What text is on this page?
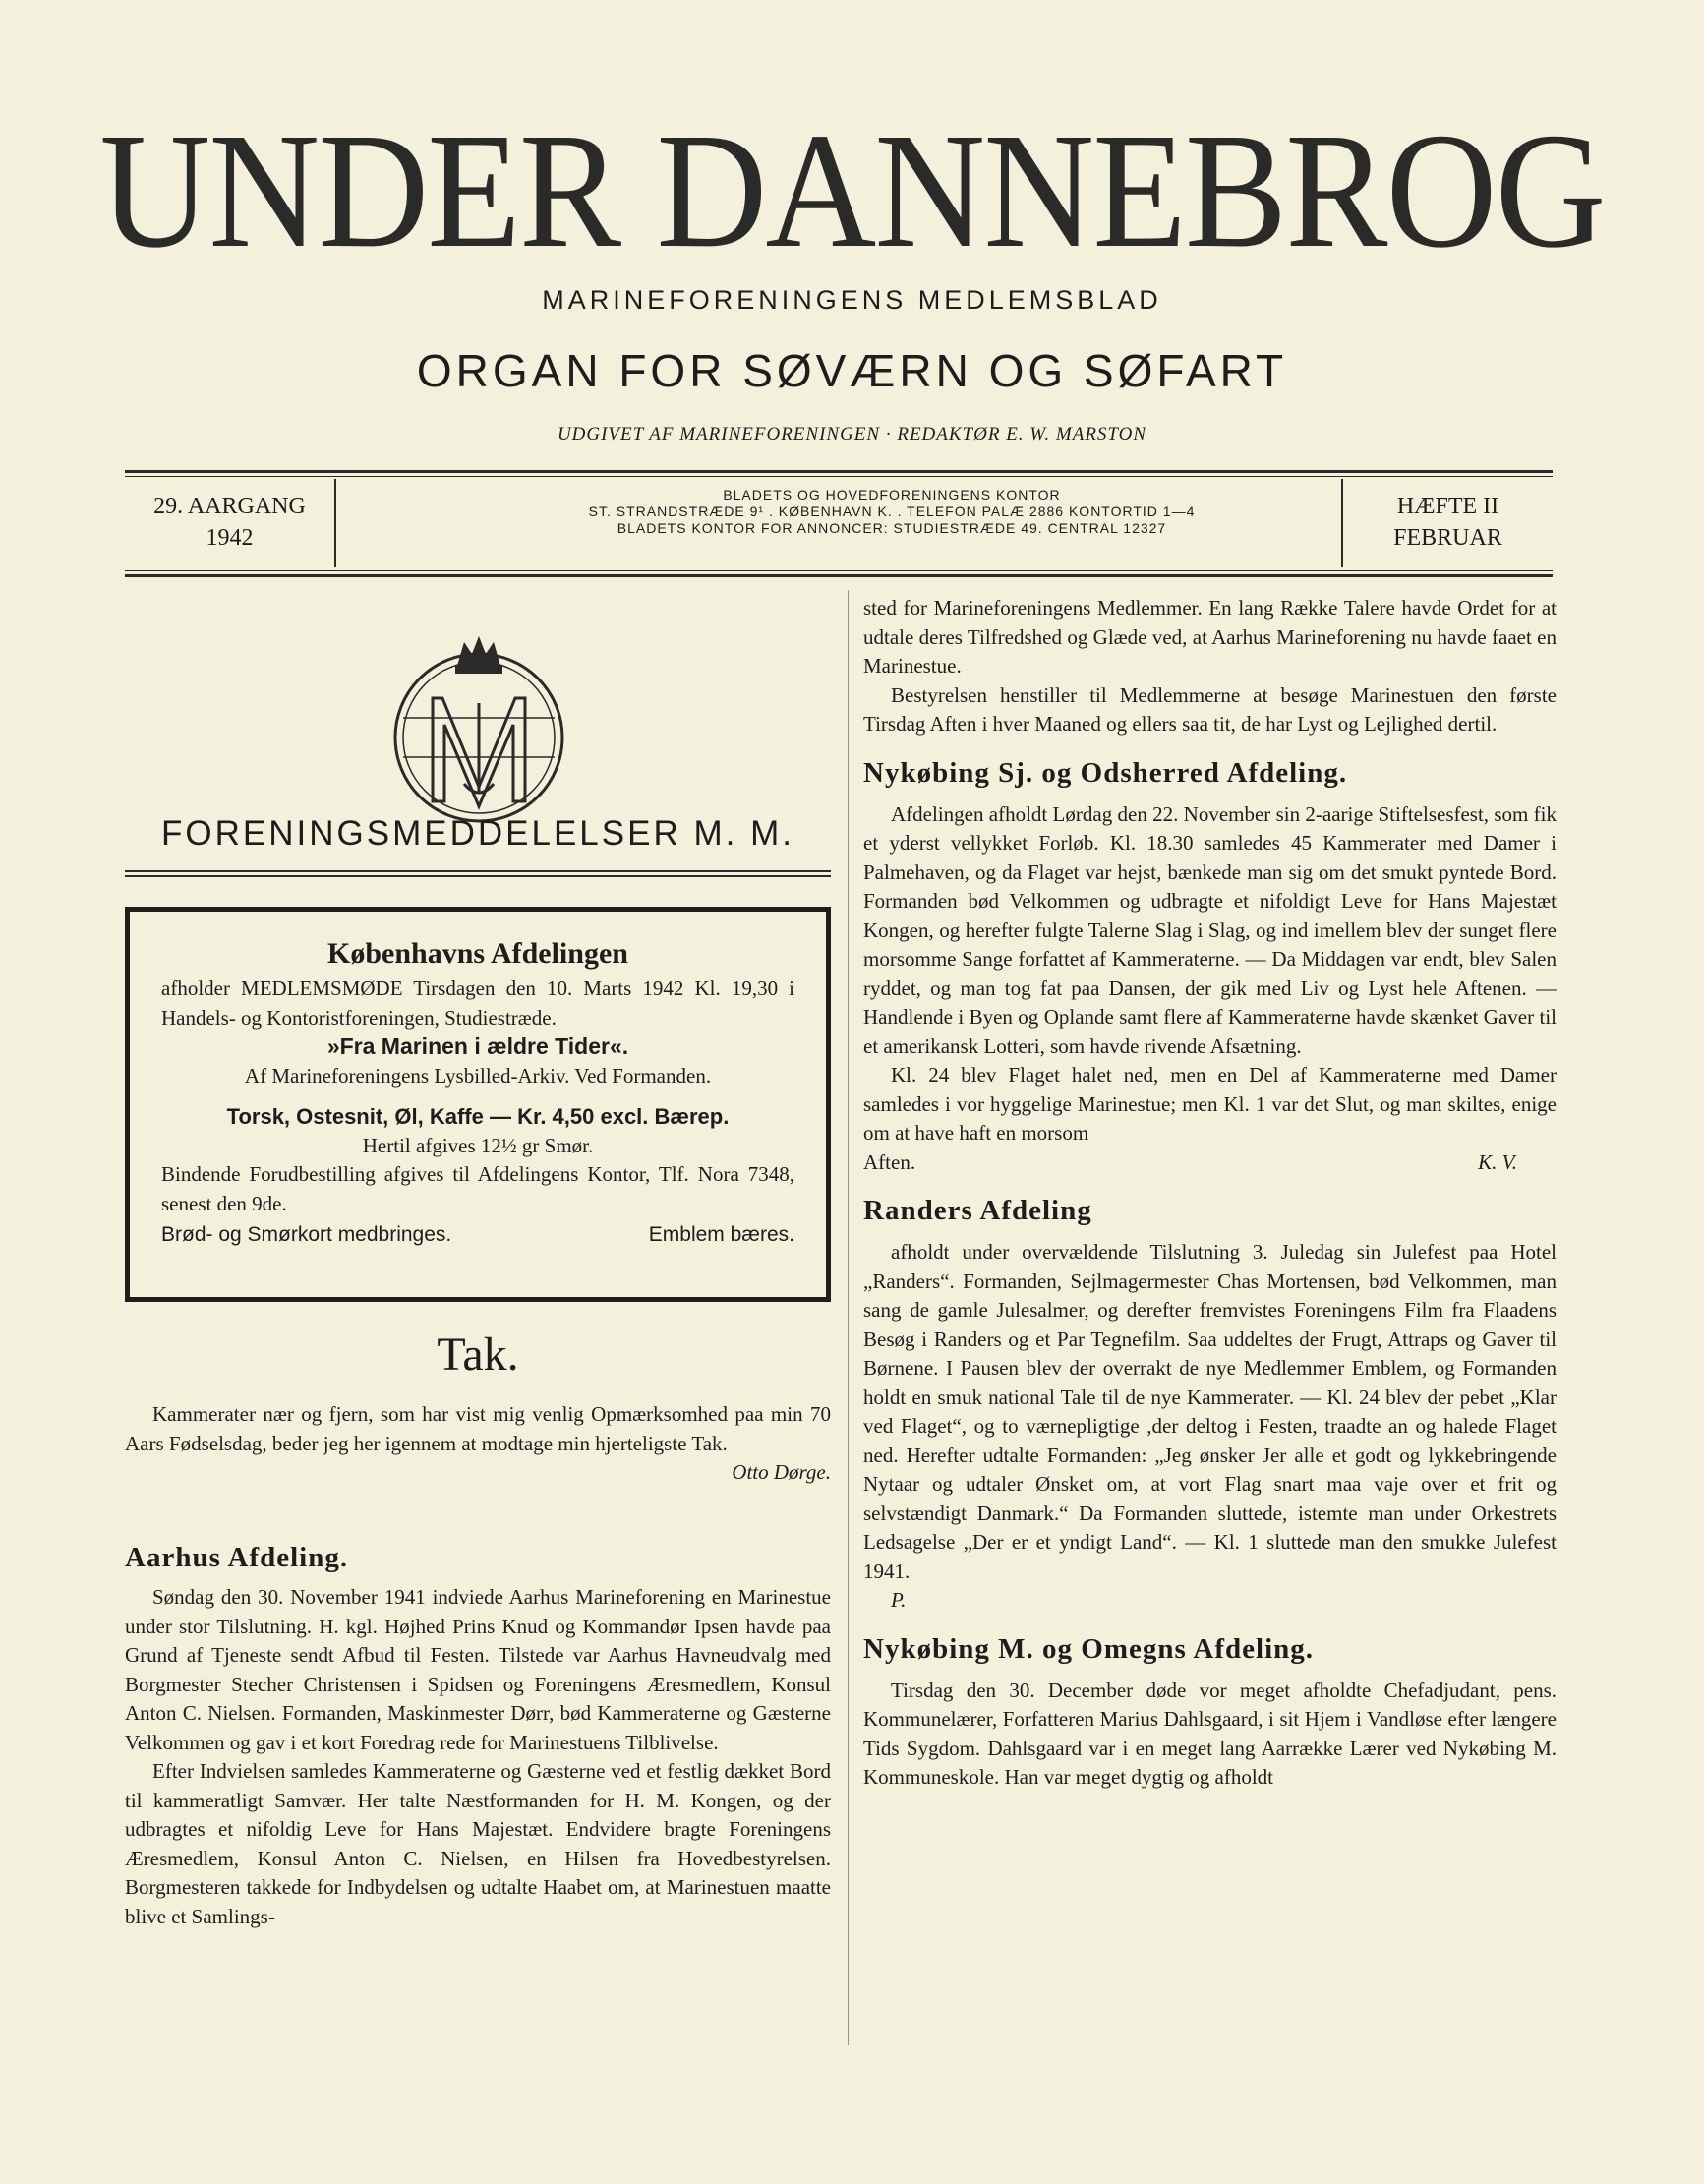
UNDER DANNEBROG
MARINEFORENINGENS MEDLEMSBLAD
ORGAN FOR SØVÆRN OG SØFART
UDGIVET AF MARINEFORENINGEN · REDAKTØR E. W. MARSTON
29. AARGANG
1942
BLADETS OG HOVEDFORENINGENS KONTOR
ST. STRANDSTRÆDE 9¹ . KØBENHAVN K. . TELEFON PALÆ 2886 KONTORTID 1—4
BLADETS KONTOR FOR ANNONCER: STUDIESTRÆDE 49. CENTRAL 12327
HÆFTE II
FEBRUAR
FORENINGSMEDDELELSER M. M.
Københavns Afdelingen

afholder MEDLEMSMØDE Tirsdagen den 10. Marts 1942 Kl. 19,30 i Handels- og Kontoristforeningen, Studiestræde.

»Fra Marinen i ældre Tider«.

Af Marineforeningens Lysbilled-Arkiv. Ved Formanden.

Torsk, Ostesnit, Øl, Kaffe — Kr. 4,50 excl. Bærep.

Hertil afgives 12½ gr Smør.

Bindende Forudbestilling afgives til Afdelingens Kontor, Tlf. Nora 7348, senest den 9de.

Brød- og Smørkort medbringes.	Emblem bæres.

Tak.

Kammerater nær og fjern, som har vist mig venlig Opmærksomhed paa min 70 Aars Fødselsdag, beder jeg her igennem at modtage min hjerteligste Tak.

Otto Dørge.

Aarhus Afdeling.

Søndag den 30. November 1941 indviede Aarhus Marineforening en Marinestue under stor Tilslutning. H. kgl. Højhed Prins Knud og Kommandør Ipsen havde paa Grund af Tjeneste sendt Afbud til Festen. Tilstede var Aarhus Havneudvalg med Borgmester Stecher Christensen i Spidsen og Foreningens Æresmedlem, Konsul Anton C. Nielsen. Formanden, Maskinmester Dørr, bød Kammeraterne og Gæsterne Velkommen og gav i et kort Foredrag rede for Marinestuens Tilblivelse.

Efter Indvielsen samledes Kammeraterne og Gæsterne ved et festlig dækket Bord til kammeratligt Samvær. Her talte Næstformanden for H. M. Kongen, og der udbragtes et nifoldig Leve for Hans Majestæt. Endvidere bragte Foreningens Æresmedlem, Konsul Anton C. Nielsen, en Hilsen fra Hovedbestyrelsen. Borgmesteren takkede for Indbydelsen og udtalte Haabet om, at Marinestuen maatte blive et Samlings-

sted for Marineforeningens Medlemmer. En lang Række Talere havde Ordet for at udtale deres Tilfredshed og Glæde ved, at Aarhus Marineforening nu havde faaet en Marinestue.

Bestyrelsen henstiller til Medlemmerne at besøge Marinestuen den første Tirsdag Aften i hver Maaned og ellers saa tit, de har Lyst og Lejlighed dertil.

Nykøbing Sj. og Odsherred Afdeling.

Afdelingen afholdt Lørdag den 22. November sin 2-aarige Stiftelsesfest, som fik et yderst vellykket Forløb. Kl. 18.30 samledes 45 Kammerater med Damer i Palmehaven, og da Flaget var hejst, bænkede man sig om det smukt pyntede Bord. Formanden bød Velkommen og udbragte et nifoldigt Leve for Hans Majestæt Kongen, og herefter fulgte Talerne Slag i Slag, og ind imellem blev der sunget flere morsomme Sange forfattet af Kammeraterne. — Da Middagen var endt, blev Salen ryddet, og man tog fat paa Dansen, der gik med Liv og Lyst hele Aftenen. — Handlende i Byen og Oplande samt flere af Kammeraterne havde skænket Gaver til et amerikansk Lotteri, som havde rivende Afsætning.

Kl. 24 blev Flaget halet ned, men en Del af Kammeraterne med Damer samledes i vor hyggelige Marinestue; men Kl. 1 var det Slut, og man skiltes, enige om at have haft en morsom

Aften.	K. V.

Randers Afdeling

afholdt under overvældende Tilslutning 3. Juledag sin Julefest paa Hotel „Randers“. Formanden, Sejlmagermester Chas Mortensen, bød Velkommen, man sang de gamle Julesalmer, og derefter fremvistes Foreningens Film fra Flaadens Besøg i Randers og et Par Tegnefilm. Saa uddeltes der Frugt, Attraps og Gaver til Børnene. I Pausen blev der overrakt de nye Medlemmer Emblem, og Formanden holdt en smuk national Tale til de nye Kammerater. — Kl. 24 blev der pebet „Klar ved Flaget“, og to værnepligtige ,der deltog i Festen, traadte an og halede Flaget ned. Herefter udtalte Formanden: „Jeg ønsker Jer alle et godt og lykkebringende Nytaar og udtaler Ønsket om, at vort Flag snart maa vaje over et frit og selvstændigt Danmark.“ Da Formanden sluttede, istemte man under Orkestrets Ledsagelse „Der er et yndigt Land“. — Kl. 1 sluttede man den smukke Julefest 1941.

P.

Nykøbing M. og Omegns Afdeling.

Tirsdag den 30. December døde vor meget afholdte Chefadjudant, pens. Kommunelærer, Forfatteren Marius Dahlsgaard, i sit Hjem i Vandløse efter længere Tids Sygdom. Dahlsgaard var i en meget lang Aarrække Lærer ved Nykøbing M. Kommuneskole. Han var meget dygtig og afholdt
